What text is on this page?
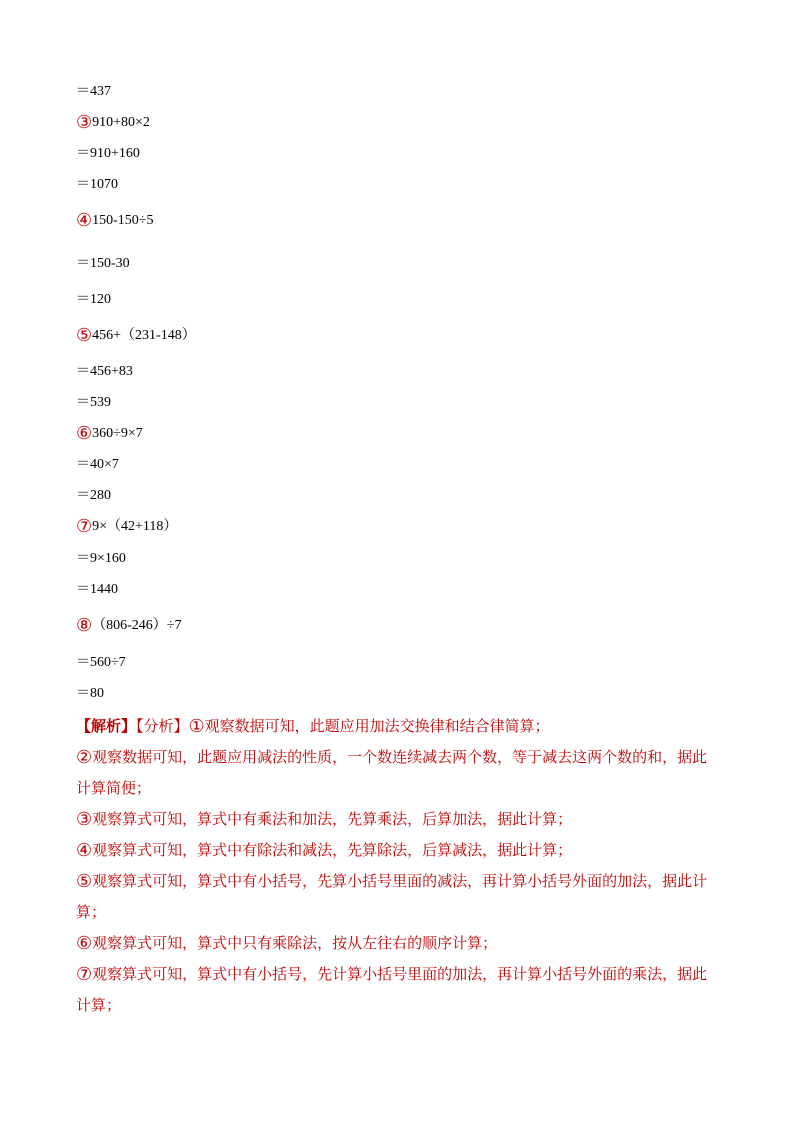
＝437
③910+80×2
＝910+160
＝1070
④150-150÷5
＝150-30
＝120
⑤456+（231-148）
＝456+83
＝539
⑥360÷9×7
＝40×7
＝280
⑦9×（42+118）
＝9×160
＝1440
⑧（806-246）÷7
＝560÷7
＝80
【解析】【分析】①观察数据可知，此题应用加法交换律和结合律简算；
②观察数据可知，此题应用减法的性质，一个数连续减去两个数，等于减去这两个数的和，据此计算简便；
③观察算式可知，算式中有乘法和加法，先算乘法，后算加法，据此计算；
④观察算式可知，算式中有除法和减法，先算除法，后算减法，据此计算；
⑤观察算式可知，算式中有小括号，先算小括号里面的减法，再计算小括号外面的加法，据此计算；
⑥观察算式可知，算式中只有乘除法，按从左往右的顺序计算；
⑦观察算式可知，算式中有小括号，先计算小括号里面的加法，再计算小括号外面的乘法，据此计算；
